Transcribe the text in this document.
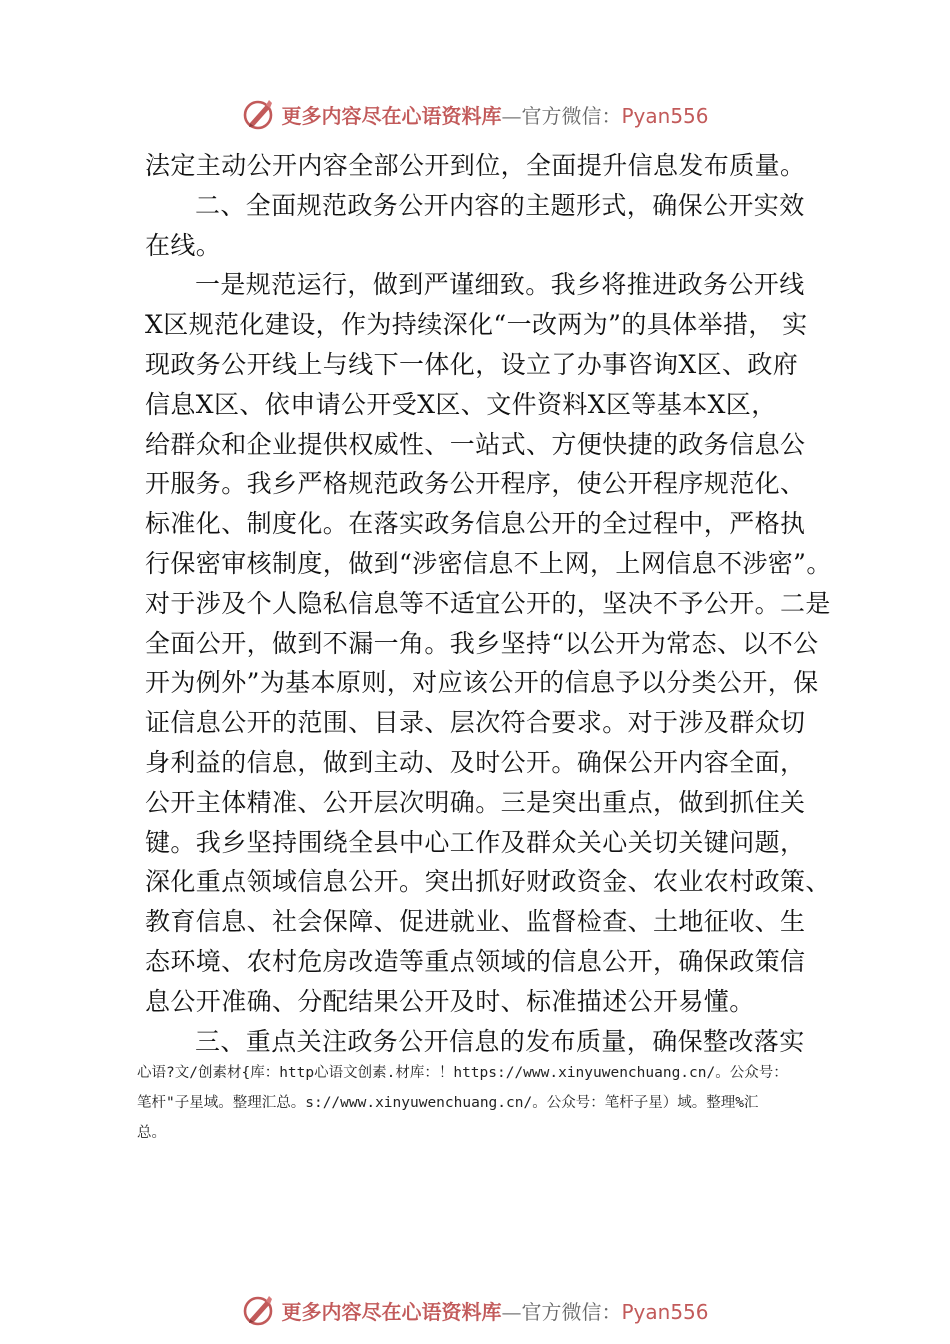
更多内容尽在心语资料库—官方微信：Pyan556
法定主动公开内容全部公开到位，全面提升信息发布质量。
二、全面规范政务公开内容的主题形式，确保公开实效
在线。
一是规范运行，做到严谨细致。我乡将推进政务公开线
X区规范化建设，作为持续深化“一改两为”的具体举措， 实
现政务公开线上与线下一体化，设立了办事咨询X区、政府
信息X区、依申请公开受X区、文件资料X区等基本X区，
给群众和企业提供权威性、一站式、方便快捷的政务信息公
开服务。我乡严格规范政务公开程序，使公开程序规范化、
标准化、制度化。在落实政务信息公开的全过程中，严格执
行保密审核制度，做到“涉密信息不上网，上网信息不涉密”。
对于涉及个人隐私信息等不适宜公开的，坚决不予公开。二是
全面公开，做到不漏一角。我乡坚持“以公开为常态、以不公
开为例外”为基本原则，对应该公开的信息予以分类公开，保
证信息公开的范围、目录、层次符合要求。对于涉及群众切
身利益的信息，做到主动、及时公开。确保公开内容全面，
公开主体精准、公开层次明确。三是突出重点，做到抓住关
键。我乡坚持围绕全县中心工作及群众关心关切关键问题，
深化重点领域信息公开。突出抓好财政资金、农业农村政策、
教育信息、社会保障、促进就业、监督检查、土地征收、生
态环境、农村危房改造等重点领域的信息公开，确保政策信
息公开准确、分配结果公开及时、标准描述公开易懂。
三、重点关注政务公开信息的发布质量，确保整改落实
心语?文/创素材{库：http心语文创素.材库：！https://www.xinyuwenchuang.cn/。公众号：
笔杆"子星域。整理汇总。s://www.xinyuwenchuang.cn/。公众号：笔杆子星）域。整理%汇
总。
更多内容尽在心语资料库—官方微信：Pyan556
